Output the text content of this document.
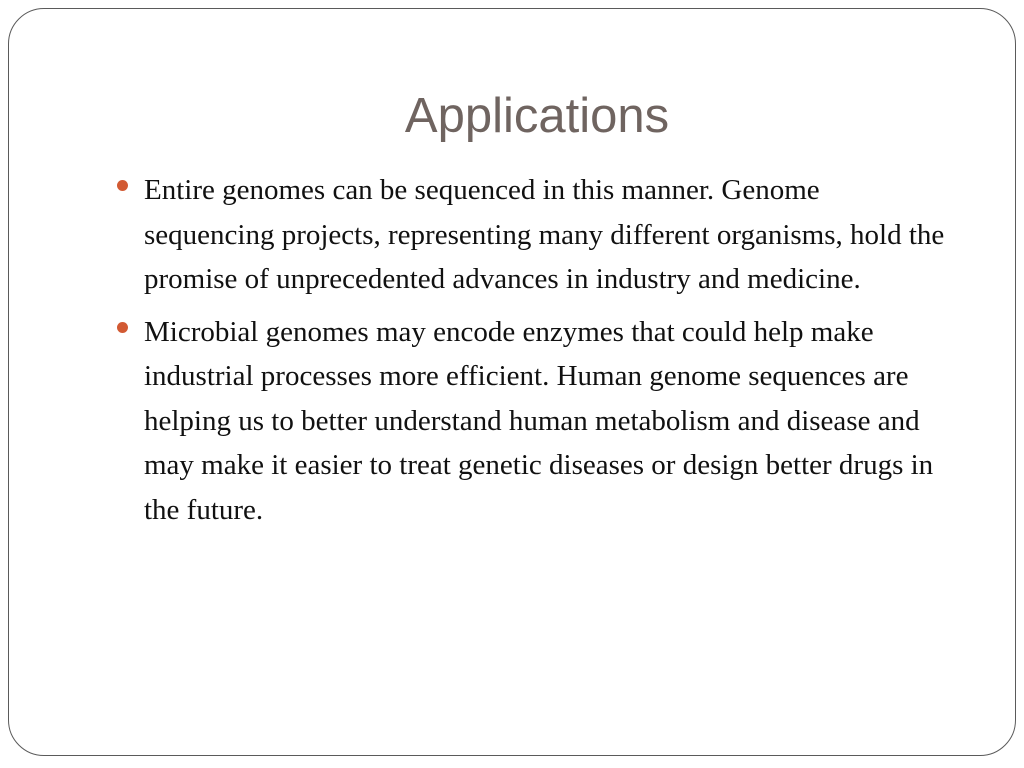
Applications
Entire genomes can be sequenced in this manner. Genome sequencing projects, representing many different organisms, hold the promise of unprecedented advances in industry and medicine.
Microbial genomes may encode enzymes that could help make industrial processes more efficient. Human genome sequences are helping us to better understand human metabolism and disease and may make it easier to treat genetic diseases or design better drugs in the future.
